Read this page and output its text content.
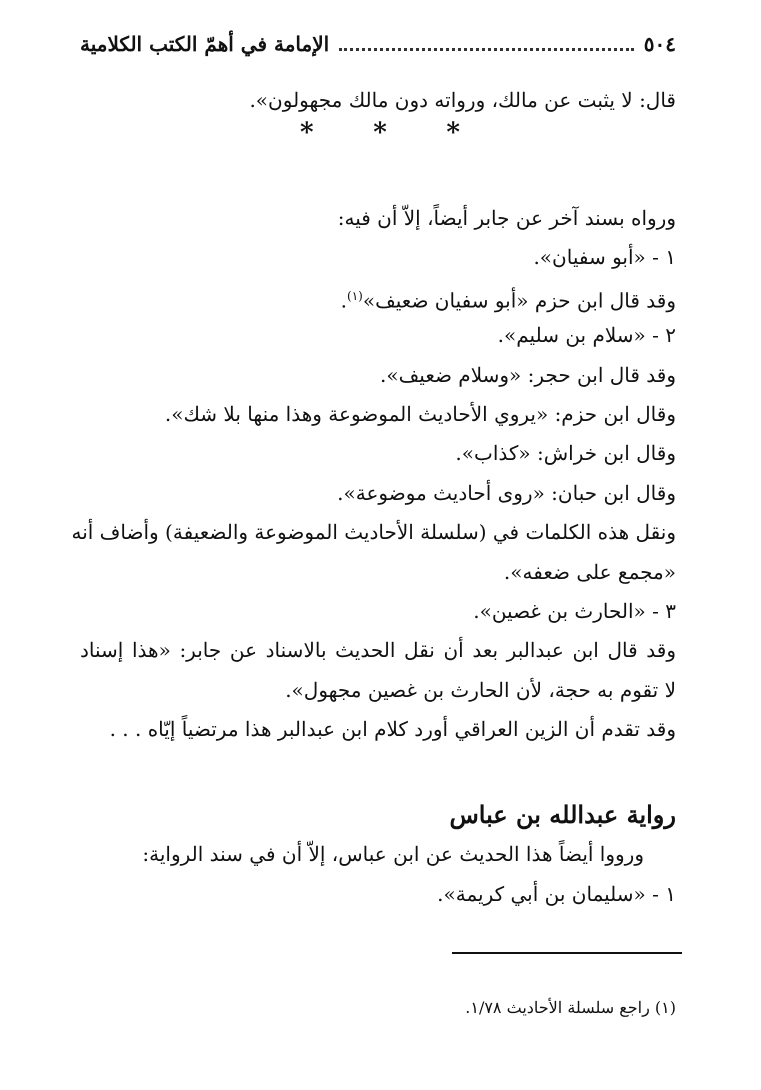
٥٠٤
الإمامة في أهمّ الكتب الكلامية
قال: لا يثبت عن مالك، ورواته دون مالك مجهولون».
*
*
*
ورواه بسند آخر عن جابر أيضاً، إلاّ أن فيه:
١ - «أبو سفيان».
وقد قال ابن حزم «أبو سفيان ضعيف»$^{(١)}$.
٢ - «سلام بن سليم».
وقد قال ابن حجر: «وسلام ضعيف».
وقال ابن حزم: «يروي الأحاديث الموضوعة وهذا منها بلا شك».
وقال ابن خراش: «كذاب».
وقال ابن حبان: «روى أحاديث موضوعة».
ونقل هذه الكلمات في (سلسلة الأحاديث الموضوعة والضعيفة) وأضاف أنه
«مجمع على ضعفه».
٣ - «الحارث بن غصين».
وقد قال ابن عبدالبر بعد أن نقل الحديث بالاسناد عن جابر: «هذا إسناد
لا تقوم به حجة، لأن الحارث بن غصين مجهول».
وقد تقدم أن الزين العراقي أورد كلام ابن عبدالبر هذا مرتضياً إيّاه . . .
رواية عبدالله بن عباس
ورووا أيضاً هذا الحديث عن ابن عباس، إلاّ أن في سند الرواية:
١ - «سليمان بن أبي كريمة».
(١) راجع سلسلة الأحاديث ١/٧٨.
